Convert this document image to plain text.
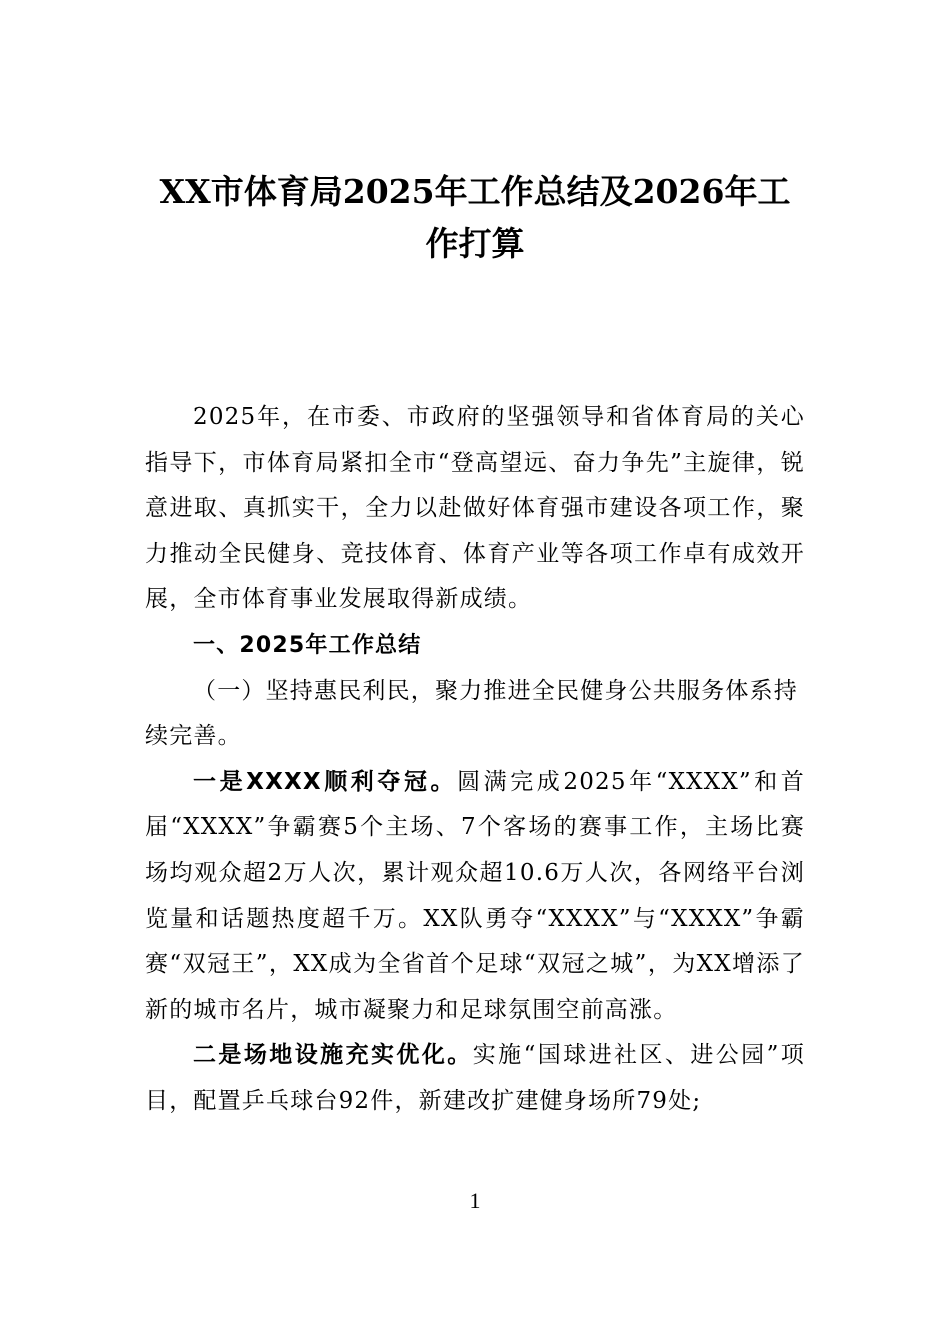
XX市体育局2025年工作总结及2026年工作打算

2025年，在市委、市政府的坚强领导和省体育局的关心指导下，市体育局紧扣全市“登高望远、奋力争先”主旋律，锐意进取、真抓实干，全力以赴做好体育强市建设各项工作，聚力推动全民健身、竞技体育、体育产业等各项工作卓有成效开展，全市体育事业发展取得新成绩。

一、2025年工作总结

（一）坚持惠民利民，聚力推进全民健身公共服务体系持续完善。

一是XXXX顺利夺冠。圆满完成2025年“XXXX”和首届“XXXX”争霸赛5个主场、7个客场的赛事工作，主场比赛场均观众超2万人次，累计观众超10.6万人次，各网络平台浏览量和话题热度超千万。XX队勇夺“XXXX”与“XXXX”争霸赛“双冠王”，XX成为全省首个足球“双冠之城”，为XX增添了新的城市名片，城市凝聚力和足球氛围空前高涨。

二是场地设施充实优化。实施“国球进社区、进公园”项目，配置乒乓球台92件，新建改扩建健身场所79处;

1
